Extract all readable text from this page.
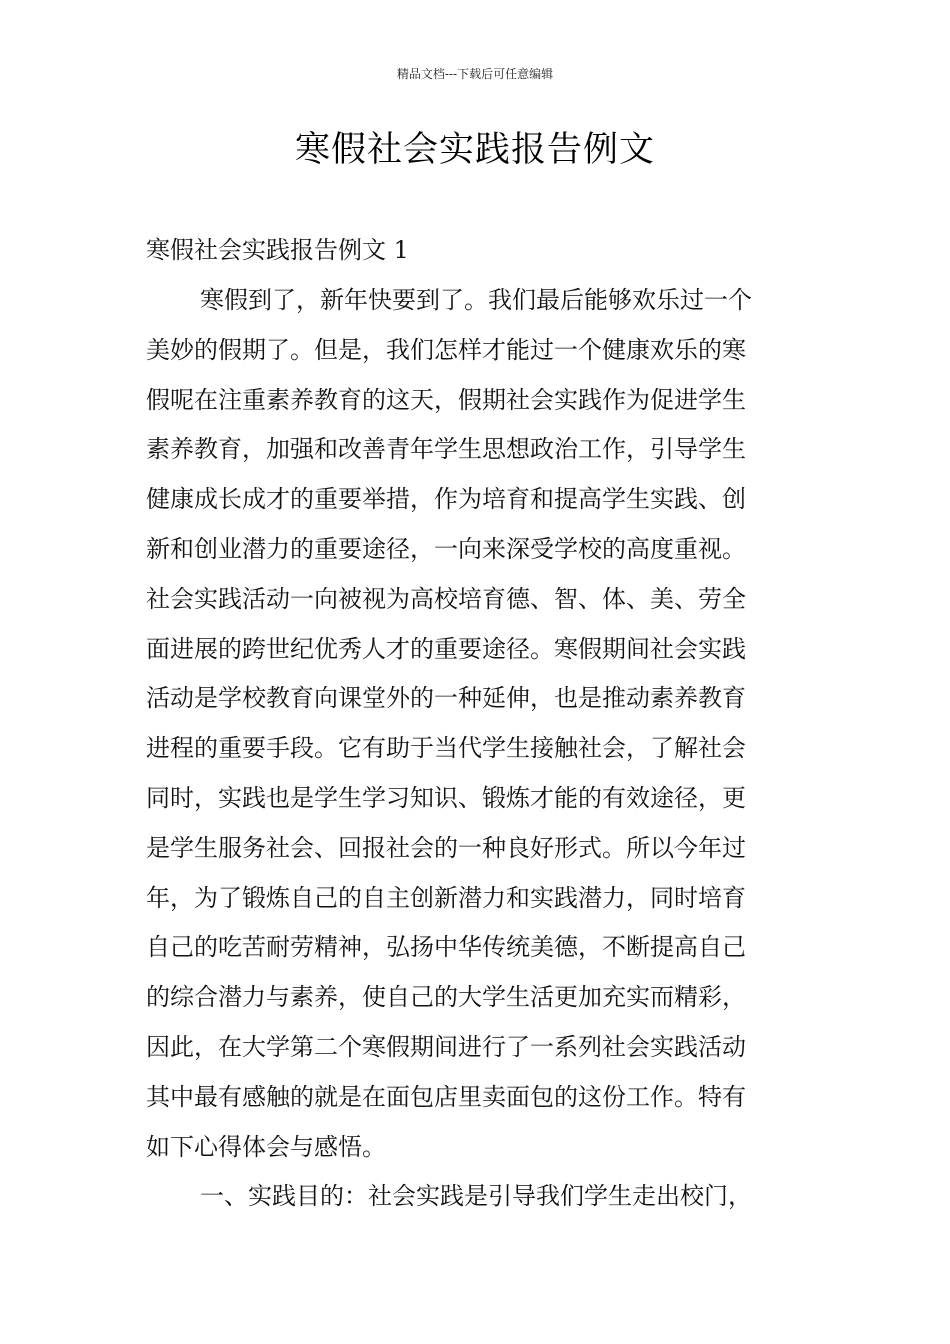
精品文档---下载后可任意编辑
寒假社会实践报告例文
寒假社会实践报告例文 1
寒假到了，新年快要到了。我们最后能够欢乐过一个
美妙的假期了。但是，我们怎样才能过一个健康欢乐的寒
假呢在注重素养教育的这天，假期社会实践作为促进学生
素养教育，加强和改善青年学生思想政治工作，引导学生
健康成长成才的重要举措，作为培育和提高学生实践、创
新和创业潜力的重要途径，一向来深受学校的高度重视。
社会实践活动一向被视为高校培育德、智、体、美、劳全
面进展的跨世纪优秀人才的重要途径。寒假期间社会实践
活动是学校教育向课堂外的一种延伸，也是推动素养教育
进程的重要手段。它有助于当代学生接触社会，了解社会
同时，实践也是学生学习知识、锻炼才能的有效途径，更
是学生服务社会、回报社会的一种良好形式。所以今年过
年，为了锻炼自己的自主创新潜力和实践潜力，同时培育
自己的吃苦耐劳精神，弘扬中华传统美德，不断提高自己
的综合潜力与素养，使自己的大学生活更加充实而精彩，
因此，在大学第二个寒假期间进行了一系列社会实践活动
其中最有感触的就是在面包店里卖面包的这份工作。特有
如下心得体会与感悟。
一、实践目的：社会实践是引导我们学生走出校门，
